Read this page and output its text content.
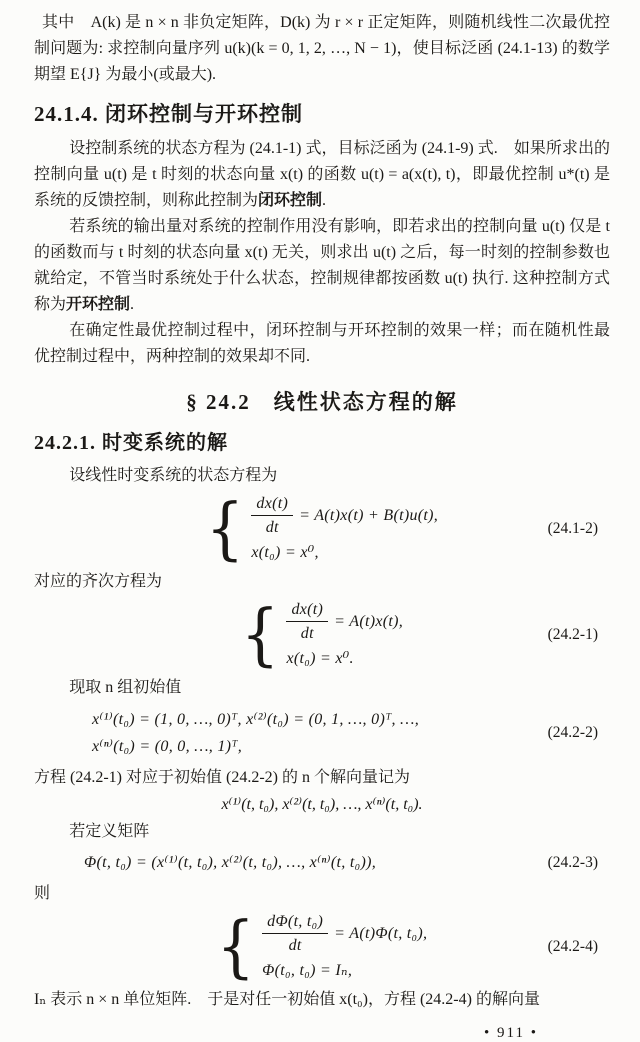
其中　A(k) 是 n × n 非负定矩阵，D(k) 为 r × r 正定矩阵，则随机线性二次最优控制问题为: 求控制向量序列 u(k)(k = 0, 1, 2, …, N − 1)，使目标泛函 (24.1-13) 的数学期望 E{J} 为最小(或最大).

24.1.4. 闭环控制与开环控制

设控制系统的状态方程为 (24.1-1) 式，目标泛函为 (24.1-9) 式.　如果所求出的控制向量 u(t) 是 t 时刻的状态向量 x(t) 的函数 u(t) = a(x(t), t)，即最优控制 u*(t) 是系统的反馈控制，则称此控制为闭环控制.

若系统的输出量对系统的控制作用没有影响，即若求出的控制向量 u(t) 仅是 t 的函数而与 t 时刻的状态向量 x(t) 无关，则求出 u(t) 之后，每一时刻的控制参数也就给定，不管当时系统处于什么状态，控制规律都按函数 u(t) 执行. 这种控制方式称为开环控制.

在确定性最优控制过程中，闭环控制与开环控制的效果一样；而在随机性最优控制过程中，两种控制的效果却不同.

§ 24.2　线性状态方程的解
24.2.1. 时变系统的解

设线性时变系统的状态方程为

{ $\frac{dx(t)}{dt} = A(t)x(t) + B(t)u(t)$,
x(t₀) = x⁰,
(24.1-2)

对应的齐次方程为

{ $\frac{dx(t)}{dt} = A(t)x(t)$,
x(t₀) = x⁰.
(24.2-1)

现取 n 组初始值

x⁽¹⁾(t₀) = (1, 0, …, 0)ᵀ, x⁽²⁾(t₀) = (0, 1, …, 0)ᵀ, …,
x⁽ⁿ⁾(t₀) = (0, 0, …, 1)ᵀ,
(24.2-2)

方程 (24.2-1) 对应于初始值 (24.2-2) 的 n 个解向量记为

x⁽¹⁾(t, t₀), x⁽²⁾(t, t₀), …, x⁽ⁿ⁾(t, t₀).

若定义矩阵

Φ(t, t₀) = (x⁽¹⁾(t, t₀), x⁽²⁾(t, t₀), …, x⁽ⁿ⁾(t, t₀)),	(24.2-3)

则

{ $\frac{\text{dΦ(t, t₀)}}{dt} = A(t)\Phi(t$, t₀),
Φ(t₀, t₀) = Iₙ,
(24.2-4)

Iₙ 表示 n × n 单位矩阵.　于是对任一初始值 x(t₀)，方程 (24.2-4) 的解向量

• 911 •
